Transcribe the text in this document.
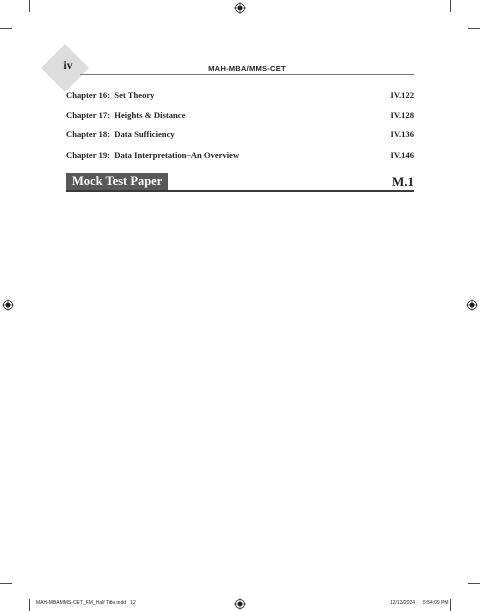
iv	MAH-MBA/MMS-CET
Chapter 16:  Set Theory	IV.122
Chapter 17:  Heights & Distance	IV.128
Chapter 18:  Data Sufficiency	IV.136
Chapter 19:  Data Interpretation–An Overview	IV.146
Mock Test Paper	M.1
MAH-MBAMMS-CET_FM_Half Title.indd   12	12/13/2024 5:54:09 PM
